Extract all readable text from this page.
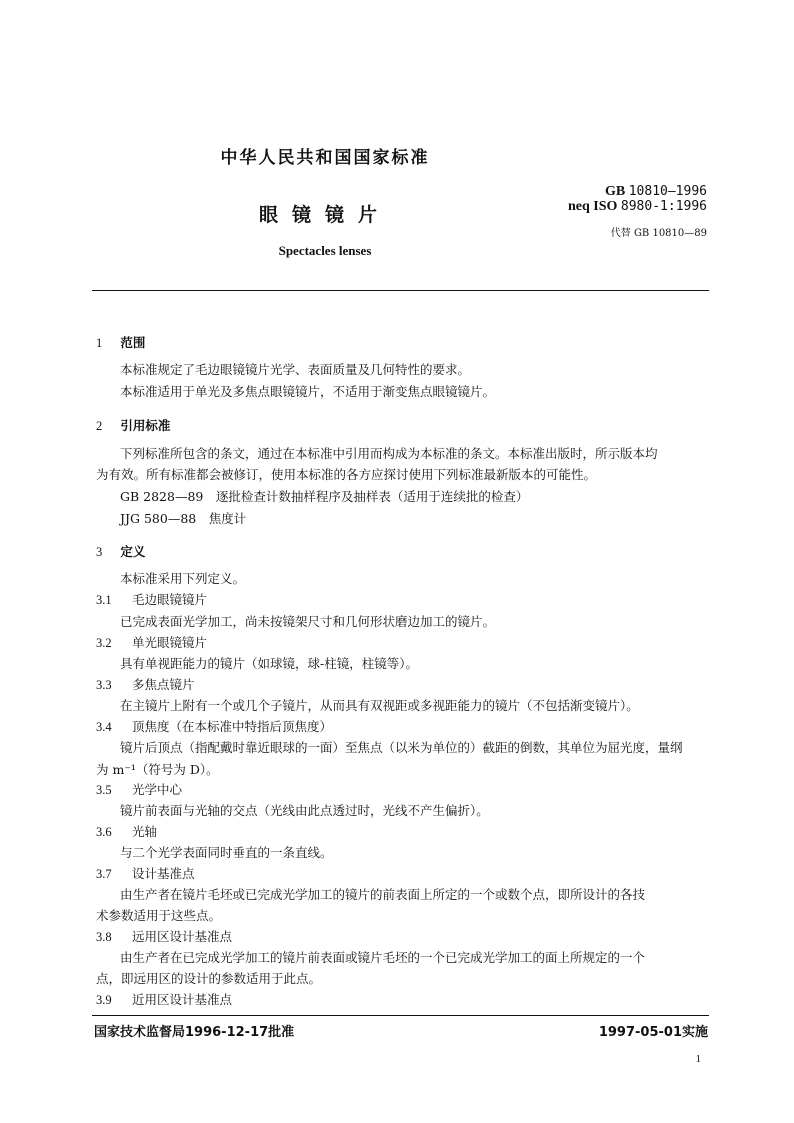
中华人民共和国国家标准
眼镜镜片
Spectacles lenses
GB 10810—1996
neq ISO 8980-1:1996
代替 GB 10810—89
1 范围
本标准规定了毛边眼镜镜片光学、表面质量及几何特性的要求。
本标准适用于单光及多焦点眼镜镜片，不适用于渐变焦点眼镜镜片。
2 引用标准
下列标准所包含的条文，通过在本标准中引用而构成为本标准的条文。本标准出版时，所示版本均
为有效。所有标准都会被修订，使用本标准的各方应探讨使用下列标准最新版本的可能性。
GB 2828—89　逐批检查计数抽样程序及抽样表（适用于连续批的检查）
JJG 580—88　焦度计
3 定义
本标准采用下列定义。
3.1 毛边眼镜镜片
已完成表面光学加工，尚未按镜架尺寸和几何形状磨边加工的镜片。
3.2 单光眼镜镜片
具有单视距能力的镜片（如球镜，球-柱镜，柱镜等）。
3.3 多焦点镜片
在主镜片上附有一个或几个子镜片，从而具有双视距或多视距能力的镜片（不包括渐变镜片）。
3.4 顶焦度（在本标准中特指后顶焦度）
镜片后顶点（指配戴时靠近眼球的一面）至焦点（以米为单位的）截距的倒数，其单位为屈光度，量纲
为 m⁻¹（符号为 D）。
3.5 光学中心
镜片前表面与光轴的交点（光线由此点透过时，光线不产生偏折）。
3.6 光轴
与二个光学表面同时垂直的一条直线。
3.7 设计基准点
由生产者在镜片毛坯或已完成光学加工的镜片的前表面上所定的一个或数个点，即所设计的各技
术参数适用于这些点。
3.8 远用区设计基准点
由生产者在已完成光学加工的镜片前表面或镜片毛坯的一个已完成光学加工的面上所规定的一个
点，即远用区的设计的参数适用于此点。
3.9 近用区设计基准点
国家技术监督局1996-12-17批准	1997-05-01实施
1
